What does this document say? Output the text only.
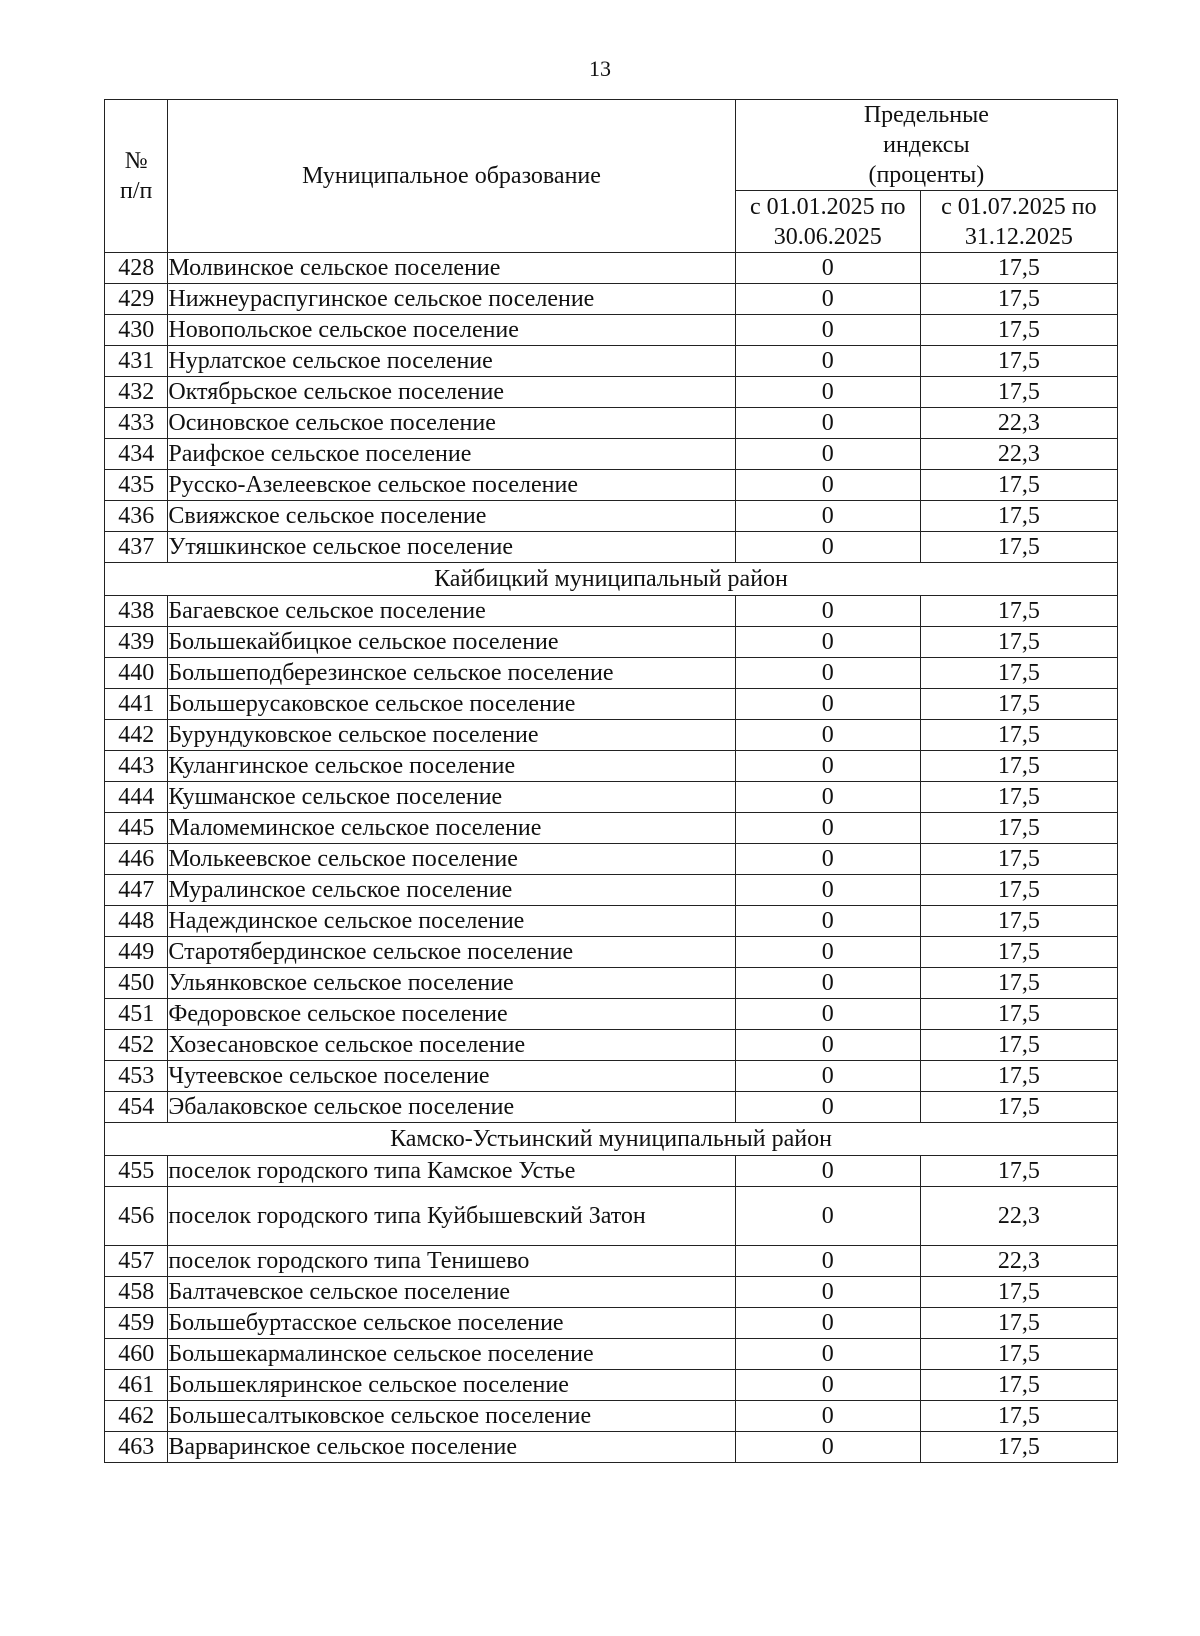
13
№
п/п	Муниципальное образование	Предельные индексы (проценты)	
		с 01.01.2025 по 30.06.2025	с 01.07.2025 по 31.12.2025
428	Молвинское сельское поселение	0	17,5
429	Нижнеураспугинское сельское поселение	0	17,5
430	Новопольское сельское поселение	0	17,5
431	Нурлатское сельское поселение	0	17,5
432	Октябрьское сельское поселение	0	17,5
433	Осиновское сельское поселение	0	22,3
434	Раифское сельское поселение	0	22,3
435	Русско-Азелеевское сельское поселение	0	17,5
436	Свияжское сельское поселение	0	17,5
437	Утяшкинское сельское поселение	0	17,5
Кайбицкий муниципальный район			
438	Багаевское сельское поселение	0	17,5
439	Большекайбицкое сельское поселение	0	17,5
440	Большеподберезинское сельское поселение	0	17,5
441	Большерусаковское сельское поселение	0	17,5
442	Бурундуковское сельское поселение	0	17,5
443	Кулангинское сельское поселение	0	17,5
444	Кушманское сельское поселение	0	17,5
445	Маломеминское сельское поселение	0	17,5
446	Молькеевское сельское поселение	0	17,5
447	Муралинское сельское поселение	0	17,5
448	Надеждинское сельское поселение	0	17,5
449	Старотябердинское сельское поселение	0	17,5
450	Ульянковское сельское поселение	0	17,5
451	Федоровское сельское поселение	0	17,5
452	Хозесановское сельское поселение	0	17,5
453	Чутеевское сельское поселение	0	17,5
454	Эбалаковское сельское поселение	0	17,5
Камско-Устьинский муниципальный район			
455	поселок городского типа Камское Устье	0	17,5
456	поселок городского типа Куйбышевский Затон	0	22,3
457	поселок городского типа Тенишево	0	22,3
458	Балтачевское сельское поселение	0	17,5
459	Большебуртасское сельское поселение	0	17,5
460	Большекармалинское сельское поселение	0	17,5
461	Большекляринское сельское поселение	0	17,5
462	Большесалтыковское сельское поселение	0	17,5
463	Варваринское сельское поселение	0	17,5
